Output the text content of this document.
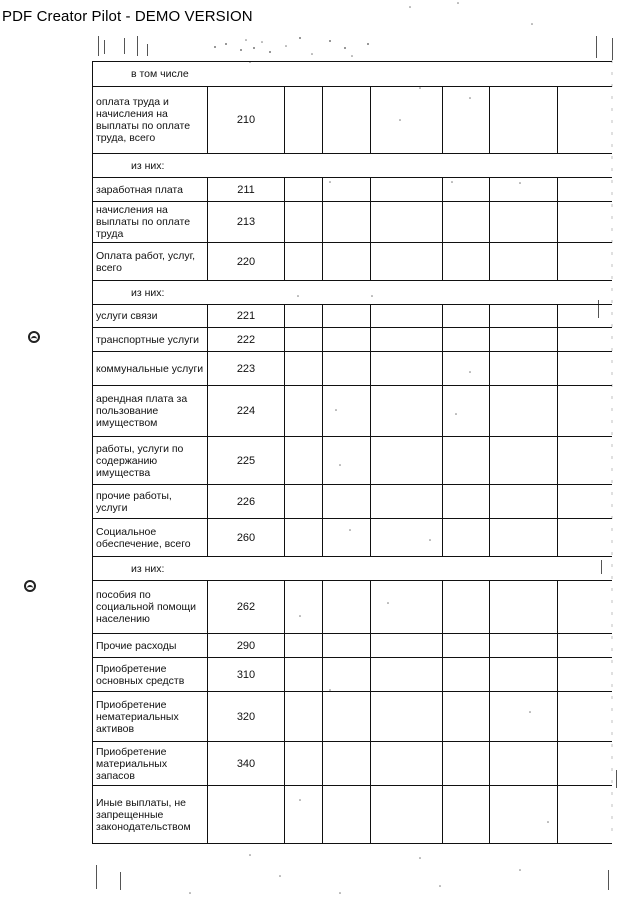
PDF Creator Pilot - DEMO VERSION
в том числе							
оплата труда и начисления на выплаты по оплате труда, всего	210						
из них:							
заработная плата	211						
начисления на выплаты по оплате труда	213						
Оплата работ, услуг, всего	220						
из них:							
услуги связи	221						
транспортные услуги	222						
коммунальные услуги	223						
арендная плата за пользование имуществом	224						
работы, услуги по содержанию имущества	225						
прочие работы, услуги	226						
Социальное обеспечение, всего	260						
из них:							
пособия по социальной помощи населению	262						
Прочие расходы	290						
Приобретение основных средств	310						
Приобретение нематериальных активов	320						
Приобретение материальных запасов	340						
Иные выплаты, не запрещенные законодательством							
